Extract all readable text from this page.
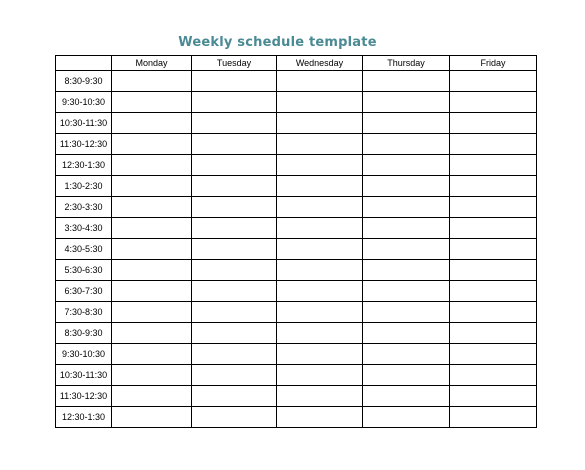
Weekly schedule template
	Monday	Tuesday	Wednesday	Thursday	Friday
8:30-9:30					
9:30-10:30					
10:30-11:30					
11:30-12:30					
12:30-1:30					
1:30-2:30					
2:30-3:30					
3:30-4:30					
4:30-5:30					
5:30-6:30					
6:30-7:30					
7:30-8:30					
8:30-9:30					
9:30-10:30					
10:30-11:30					
11:30-12:30					
12:30-1:30					
